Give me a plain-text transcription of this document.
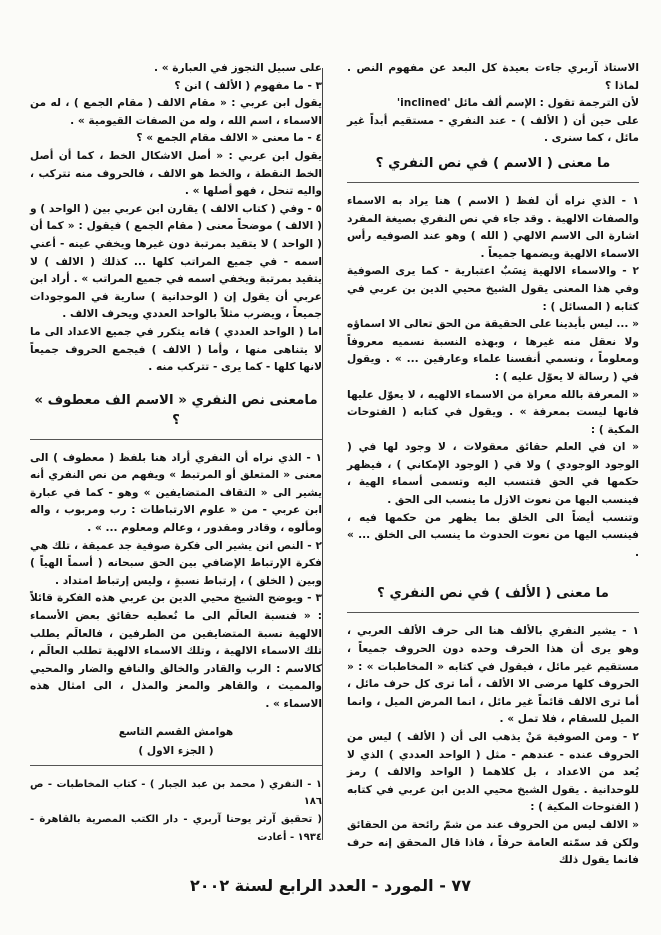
الاستاذ آربري جاءت بعيدة كل البعد عن مفهوم النص . لماذا ؟

لأن الترجمة تقول : الإسم ألف مائل 'inclined'

على حين أن ( الألف ) - عند النفري - مستقيم أبداً غير مائل ، كما سنرى .

ما معنى ( الاسم ) في نص النفري ؟

١ - الذي نراه أن لفظ ( الاسم ) هنا يراد به الاسماء والصفات الالهية . وقد جاء في نص النفري بصيغة المفرد اشارة الى الاسم الالهي ( الله ) وهو عند الصوفيه رأس الاسماء الالهية ويضمها جميعاً .

٢ - والاسماء الالهية نِسَبٌ اعتبارية - كما يرى الصوفية وفي هذا المعنى يقول الشيخ محيي الدين بن عربي في كتابه ( المسائل ) :

« ... ليس بأيدينا على الحقيقة من الحق تعالى الا اسماؤه ولا نعقل منه غيرها ، وبهذه النسبة نسميه معروفاً ومعلوماً ، ونسمي أنفسنا علماء وعارفين ... » . ويقول في ( رسالة لا يعوّل عليه ) :

« المعرفة بالله معراة من الاسماء الالهيه ، لا يعوّل عليها فانها ليست بمعرفة » . ويقول في كتابه ( الفتوحات المكية ) :

« ان في العلم حقائق معقولات ، لا وجود لها في ( الوجود الوجودي ) ولا في ( الوجود الإمكاني ) ، فيظهر حكمها في الحق فتنسب اليه وتسمى أسماء الهية ، فينسب اليها من نعوت الازل ما ينسب الى الحق .

وتنسب أيضاً الى الخلق بما يظهر من حكمها فيه ، فينسب اليها من نعوت الحدوث ما ينسب الى الخلق ... » .

ما معنى ( الألف ) في نص النفري ؟

١ - يشير النفري بالألف هنا الى حرف الألف العربي ، وهو يرى أن هذا الحرف وحده دون الحروف جميعاً ، مستقيم غير مائل ، فيقول في كتابه « المخاطبات » : « الحروف كلها مرضى الا الألف ، أما ترى كل حرف مائل ، أما ترى الالف قائماً غير مائل ، انما المرض الميل ، وانما الميل للسقام ، فلا تمل » .

٢ - ومن الصوفية مَنْ يذهب الى أن ( الألف ) ليس من الحروف عنده - عندهم - مثل ( الواحد العددي ) الذي لا يُعد من الاعداد ، بل كلاهما ( الواحد والالف ) رمز للوحدانية . يقول الشيخ محيي الدين ابن عربي في كتابه ( الفتوحات المكية ) :

« الالف ليس من الحروف عند من شمّ رائحة من الحقائق ولكن قد سمّته العامة حرفاً ، فاذا قال المحقق إنه حرف فانما يقول ذلك

على سبيل التجوز في العبارة » .

٣ - ما مفهوم ( الألف ) انن ؟

يقول ابن عربي : « مقام الالف ( مقام الجمع ) ، له من الاسماء ، اسم الله ، وله من الصفات القيومية » .

٤ - ما معنى « الالف مقام الجمع » ؟

يقول ابن عربي : « أصل الاشكال الخط ، كما أن أصل الخط النقطة ، والخط هو الالف ، فالحروف منه تتركب ، واليه تنحل ، فهو أصلها » .

٥ - وفي ( كتاب الالف ) يقارن ابن عربي بين ( الواحد ) و ( الالف ) موضحاً معنى ( مقام الجمع ) فيقول : « كما أن ( الواحد ) لا يتقيد بمرتبة دون غيرها ويخفي عينه - أعني اسمه - في جميع المراتب كلها ... كذلك ( الالف ) لا يتقيد بمرتبة ويخفي اسمه في جميع المراتب » . أراد ابن عربي أن يقول إن ( الوحدانية ) سارية في الموجودات جميعاً ، ويضرب مثلاً بالواحد العددي ويحرف الالف .

اما ( الواحد العددي ) فانه يتكرر في جميع الاعداد الى ما لا يتناهى منها ، وأما ( الالف ) فيجمع الحروف جميعاً لانها كلها - كما يرى - تتركب منه .

مامعنى نص النفري « الاسم الف معطوف » ؟

١ - الذي نراه أن النفري أراد هنا بلفظ ( معطوف ) الى معنى « المتعلق أو المرتبط » ويفهم من نص النفري أنه يشير الى « التقاف المتضايفين » وهو - كما في عبارة ابن عربي - من « علوم الارتباطات : رب ومربوب ، واله ومألوه ، وقادر ومقدور ، وعالم ومعلوم ... » .

٢ - النص انن يشير الى فكرة صوفية جد عميقة ، تلك هي فكرة الإرتباط الإضافي بين الحق سبحانه ( أسماً الهياً ) وبين ( الخلق ) ، إرتباط نسبةٍ ، وليس إرتباط امتداد .

٣ - ويوضح الشيخ محيي الدين بن عربي هذه الفكرة قائلاً : « فنسبة العالَم الى ما نُعطيه حقائق بعض الأسماء الالهية نسبة المتضايفين من الطرفين ، فالعالَم يطلب تلك الاسماء الالهية ، وتلك الاسماء الالهية تطلب العالَم ، كالاسم : الرب والقادر والخالق والنافع والضار والمحيي والمميت ، والقاهر والمعز والمذل ، الى امثال هذه الاسماء » .

هوامش القسم التاسع
( الجزء الاول )

١ - النفري ( محمد بن عبد الجبار ) - كتاب المخاطبات - ص ١٨٦

( تحقيق آرثر يوحنا آربري - دار الكتب المصرية بالقاهرة - ١٩٣٤ - أعادت

٧٧ - المورد - العدد الرابع لسنة ٢٠٠٢
